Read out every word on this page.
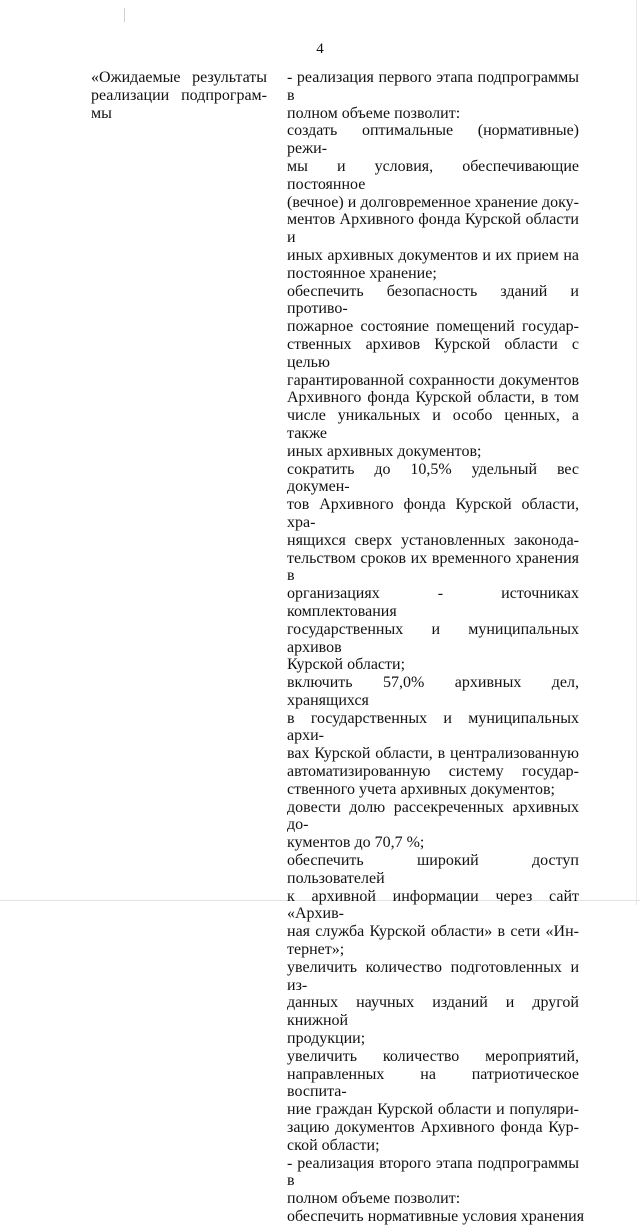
4
«Ожидаемые результаты
реализации подпрограм-
мы
- реализация первого этапа подпрограммы в
полном объеме позволит:
создать оптимальные (нормативные) режи-
мы и условия, обеспечивающие постоянное
(вечное) и долговременное хранение доку-
ментов Архивного фонда Курской области и
иных архивных документов и их прием на
постоянное хранение;
обеспечить безопасность зданий и противо-
пожарное состояние помещений государ-
ственных архивов Курской области с целью
гарантированной сохранности документов
Архивного фонда Курской области, в том
числе уникальных и особо ценных, а также
иных архивных документов;
сократить до 10,5% удельный вес докумен-
тов Архивного фонда Курской области, хра-
нящихся сверх установленных законода-
тельством сроков их временного хранения в
организациях - источниках комплектования
государственных и муниципальных архивов
Курской области;
включить 57,0% архивных дел, хранящихся
в государственных и муниципальных архи-
вах Курской области, в централизованную
автоматизированную систему государ-
ственного учета архивных документов;
довести долю рассекреченных архивных до-
кументов до 70,7 %;
обеспечить широкий доступ пользователей
к архивной информации через сайт «Архив-
ная служба Курской области» в сети «Ин-
тернет»;
увеличить количество подготовленных и из-
данных научных изданий и другой книжной
продукции;
увеличить количество мероприятий,
направленных на патриотическое воспита-
ние граждан Курской области и популяри-
зацию документов Архивного фонда Кур-
ской области;
- реализация второго этапа подпрограммы в
полном объеме позволит:
обеспечить нормативные условия хранения
